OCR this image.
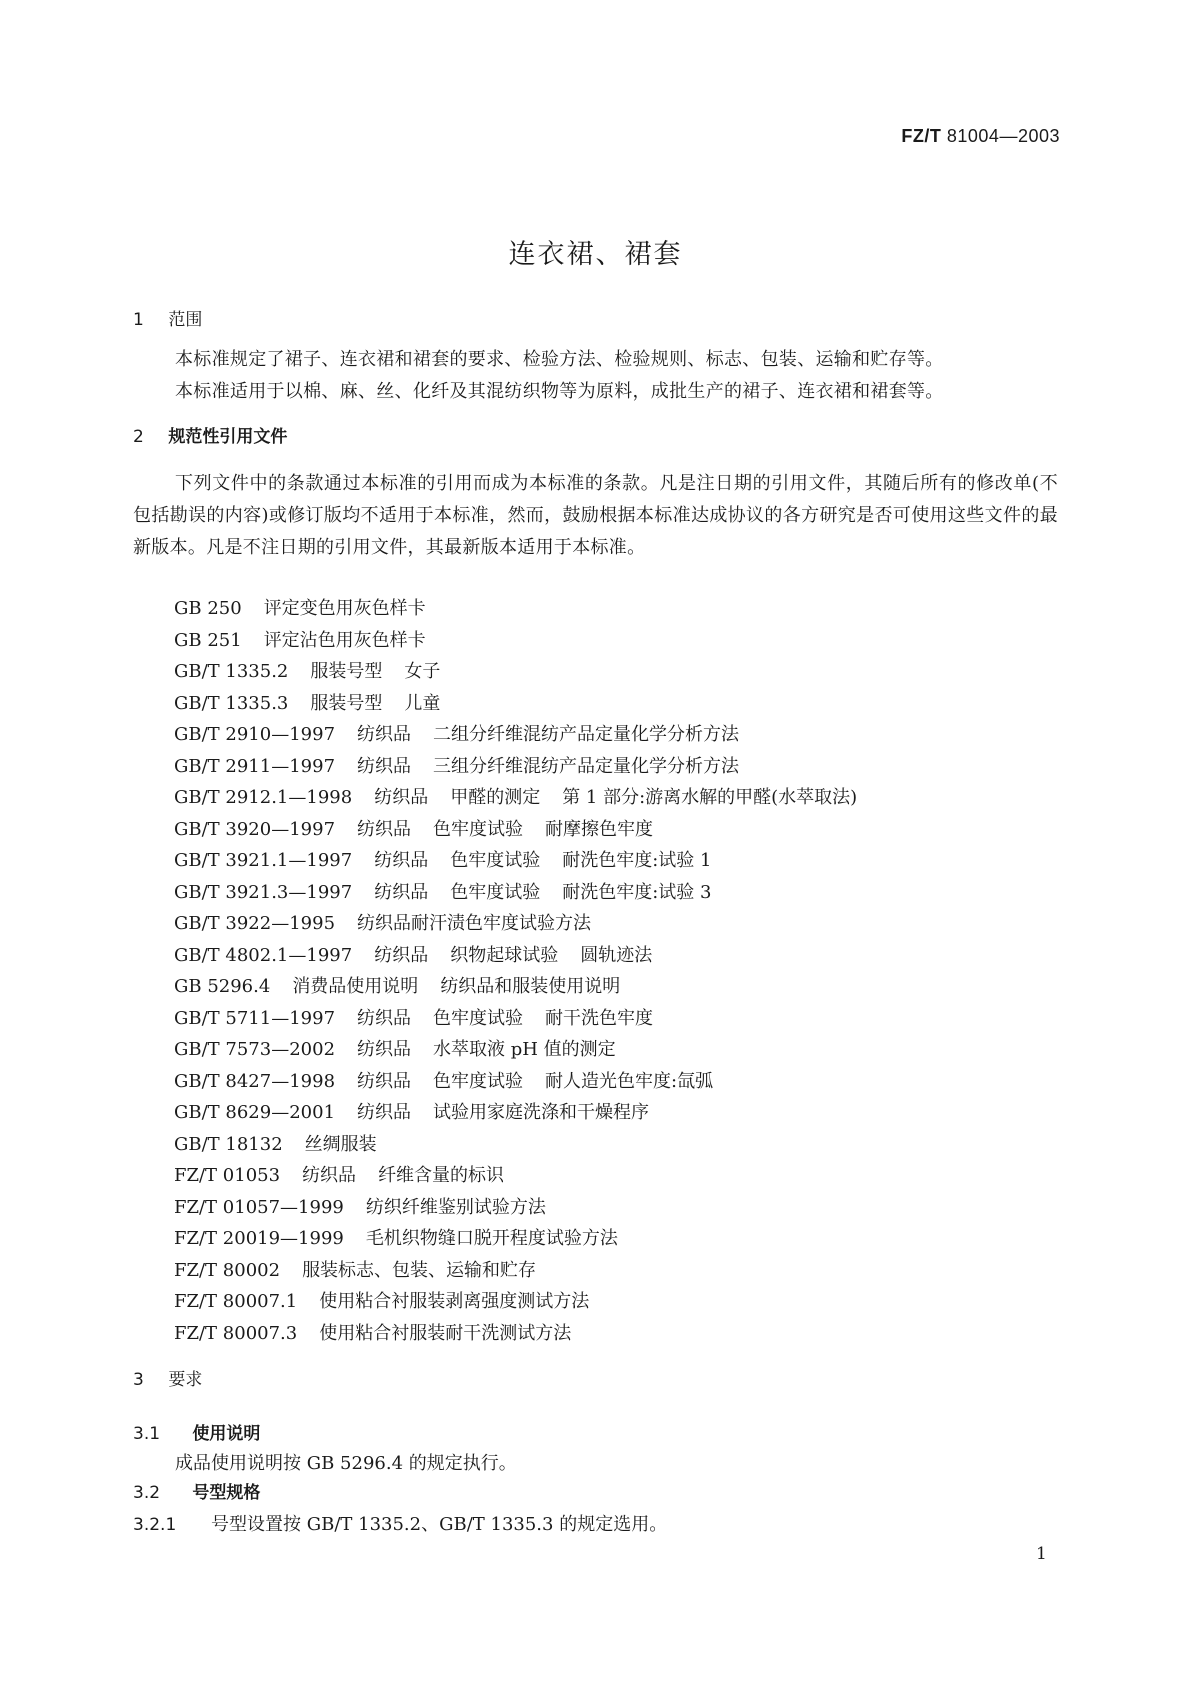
FZ/T 81004—2003
连衣裙、裙套
1 范围
本标准规定了裙子、连衣裙和裙套的要求、检验方法、检验规则、标志、包装、运输和贮存等。
本标准适用于以棉、麻、丝、化纤及其混纺织物等为原料，成批生产的裙子、连衣裙和裙套等。
2 规范性引用文件
下列文件中的条款通过本标准的引用而成为本标准的条款。凡是注日期的引用文件，其随后所有的修改单(不包括勘误的内容)或修订版均不适用于本标准，然而，鼓励根据本标准达成协议的各方研究是否可使用这些文件的最新版本。凡是不注日期的引用文件，其最新版本适用于本标准。
GB 250 评定变色用灰色样卡
GB 251 评定沾色用灰色样卡
GB/T 1335.2 服装号型 女子
GB/T 1335.3 服装号型 儿童
GB/T 2910—1997 纺织品 二组分纤维混纺产品定量化学分析方法
GB/T 2911—1997 纺织品 三组分纤维混纺产品定量化学分析方法
GB/T 2912.1—1998 纺织品 甲醛的测定 第 1 部分:游离水解的甲醛(水萃取法)
GB/T 3920—1997 纺织品 色牢度试验 耐摩擦色牢度
GB/T 3921.1—1997 纺织品 色牢度试验 耐洗色牢度:试验 1
GB/T 3921.3—1997 纺织品 色牢度试验 耐洗色牢度:试验 3
GB/T 3922—1995 纺织品耐汗渍色牢度试验方法
GB/T 4802.1—1997 纺织品 织物起球试验 圆轨迹法
GB 5296.4 消费品使用说明 纺织品和服装使用说明
GB/T 5711—1997 纺织品 色牢度试验 耐干洗色牢度
GB/T 7573—2002 纺织品 水萃取液 pH 值的测定
GB/T 8427—1998 纺织品 色牢度试验 耐人造光色牢度:氙弧
GB/T 8629—2001 纺织品 试验用家庭洗涤和干燥程序
GB/T 18132 丝绸服装
FZ/T 01053 纺织品 纤维含量的标识
FZ/T 01057—1999 纺织纤维鉴别试验方法
FZ/T 20019—1999 毛机织物缝口脱开程度试验方法
FZ/T 80002 服装标志、包装、运输和贮存
FZ/T 80007.1 使用粘合衬服装剥离强度测试方法
FZ/T 80007.3 使用粘合衬服装耐干洗测试方法
3 要求
3.1 使用说明
成品使用说明按 GB 5296.4 的规定执行。
3.2 号型规格
3.2.1 号型设置按 GB/T 1335.2、GB/T 1335.3 的规定选用。
1
